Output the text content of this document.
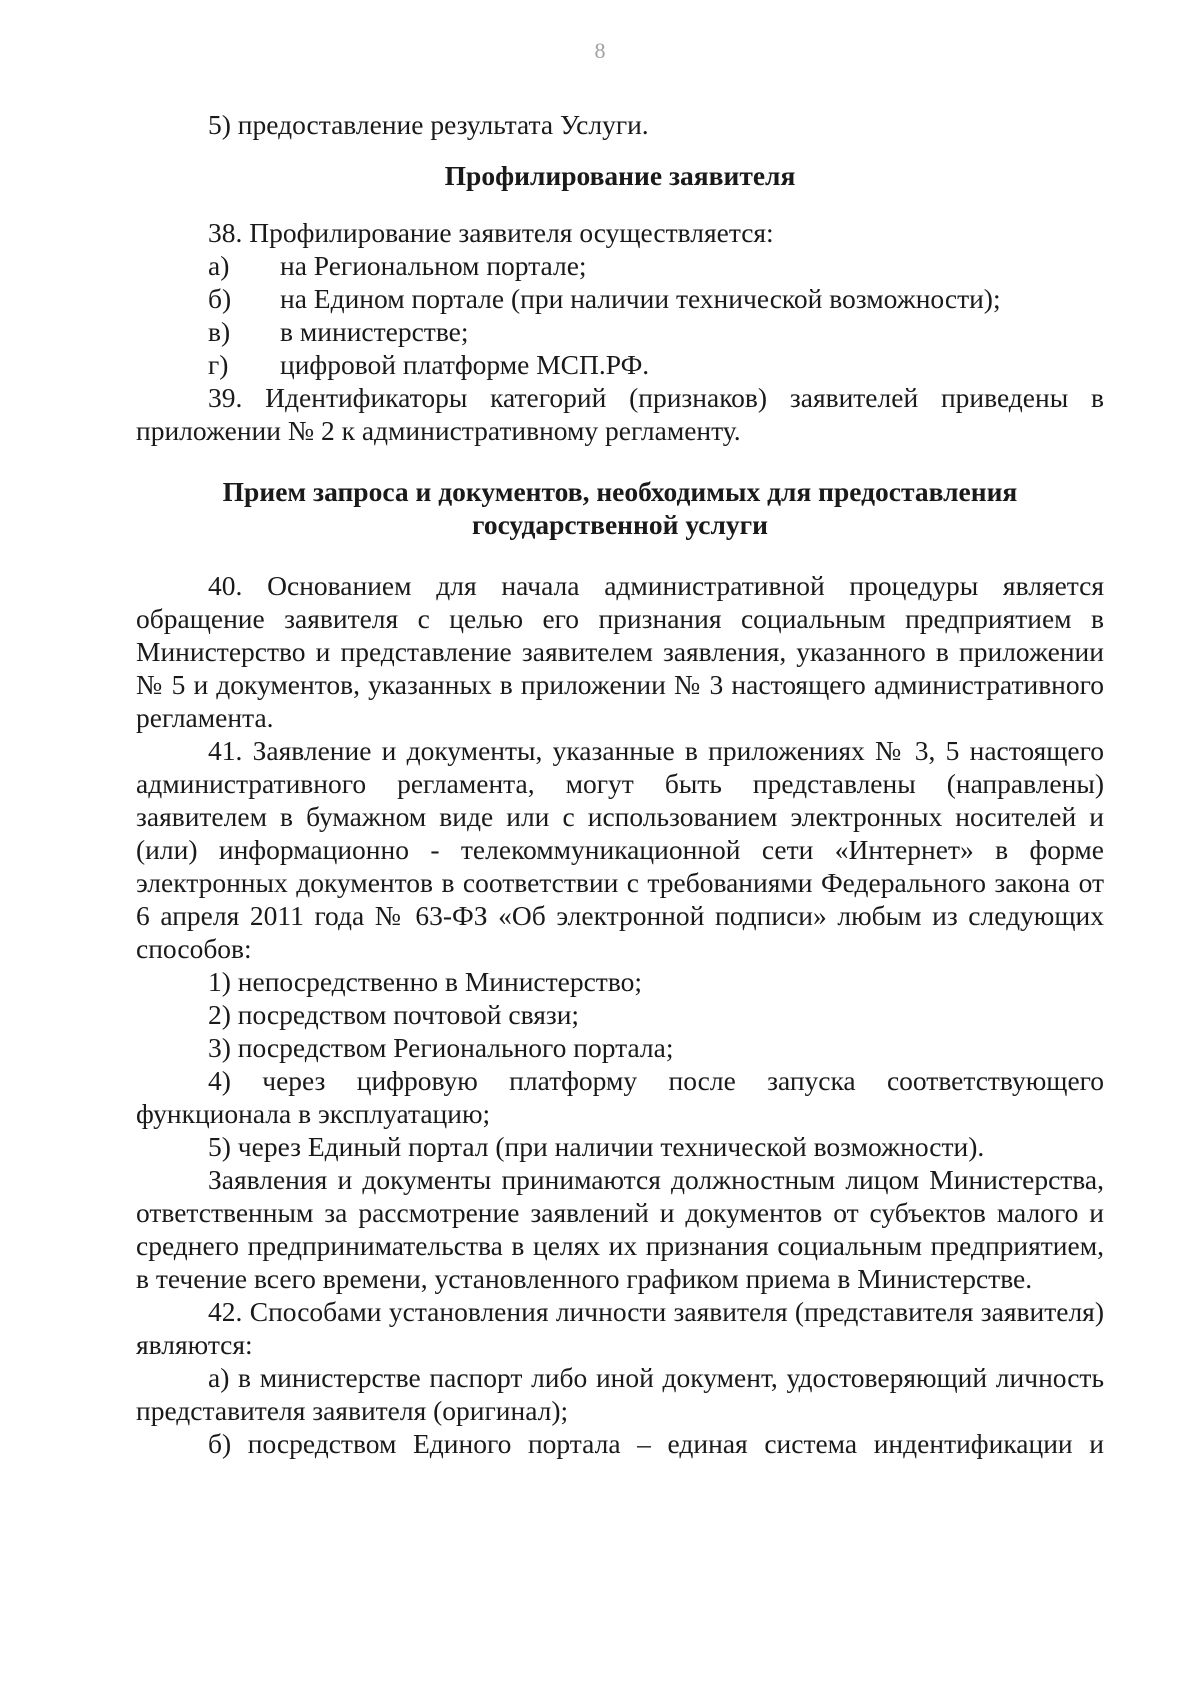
8

5) предоставление результата Услуги.

Профилирование заявителя

38. Профилирование заявителя осуществляется:

а)	на Региональном портале;
б)	на Едином портале (при наличии технической возможности);
в)	в министерстве;
г)	цифровой платформе МСП.РФ.

39. Идентификаторы категорий (признаков) заявителей приведены в приложении № 2 к административному регламенту.

Прием запроса и документов, необходимых для предоставления государственной услуги

40. Основанием для начала административной процедуры является обращение заявителя с целью его признания социальным предприятием в Министерство и представление заявителем заявления, указанного в приложении № 5 и документов, указанных в приложении № 3 настоящего административного регламента.

41. Заявление и документы, указанные в приложениях № 3, 5 настоящего административного регламента, могут быть представлены (направлены) заявителем в бумажном виде или с использованием электронных носителей и (или) информационно - телекоммуникационной сети «Интернет» в форме электронных документов в соответствии с требованиями Федерального закона от 6 апреля 2011 года № 63-ФЗ «Об электронной подписи» любым из следующих способов:

1) непосредственно в Министерство;

2) посредством почтовой связи;

3) посредством Регионального портала;

4) через цифровую платформу после запуска соответствующего функционала в эксплуатацию;

5) через Единый портал (при наличии технической возможности).

Заявления и документы принимаются должностным лицом Министерства, ответственным за рассмотрение заявлений и документов от субъектов малого и среднего предпринимательства в целях их признания социальным предприятием, в течение всего времени, установленного графиком приема в Министерстве.

42. Способами установления личности заявителя (представителя заявителя) являются:

а) в министерстве паспорт либо иной документ, удостоверяющий личность представителя заявителя (оригинал);

б) посредством Единого портала – единая система индентификации и
